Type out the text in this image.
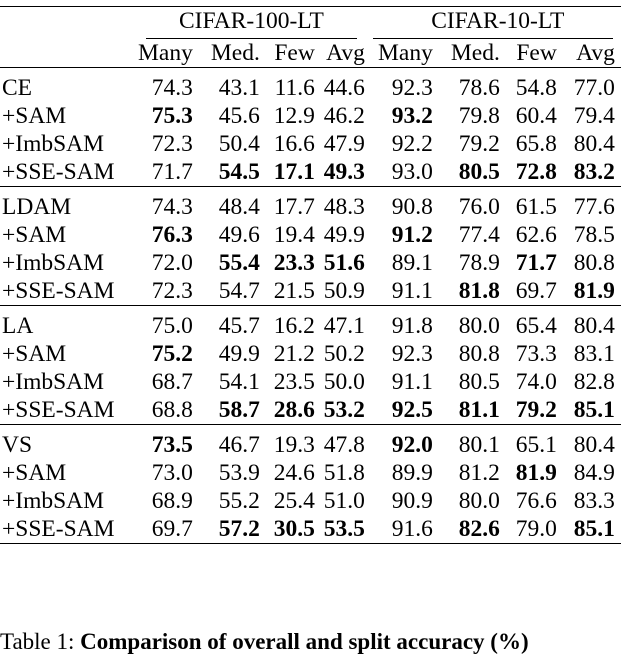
	CIFAR-100-LT				CIFAR-10-LT			
	Many	Med.	Few	Avg	Many	Med.	Few	Avg
CE	74.3	43.1	11.6	44.6	92.3	78.6	54.8	77.0
+SAM	75.3	45.6	12.9	46.2	93.2	79.8	60.4	79.4
+ImbSAM	72.3	50.4	16.6	47.9	92.2	79.2	65.8	80.4
+SSE-SAM	71.7	54.5	17.1	49.3	93.0	80.5	72.8	83.2
LDAM	74.3	48.4	17.7	48.3	90.8	76.0	61.5	77.6
+SAM	76.3	49.6	19.4	49.9	91.2	77.4	62.6	78.5
+ImbSAM	72.0	55.4	23.3	51.6	89.1	78.9	71.7	80.8
+SSE-SAM	72.3	54.7	21.5	50.9	91.1	81.8	69.7	81.9
LA	75.0	45.7	16.2	47.1	91.8	80.0	65.4	80.4
+SAM	75.2	49.9	21.2	50.2	92.3	80.8	73.3	83.1
+ImbSAM	68.7	54.1	23.5	50.0	91.1	80.5	74.0	82.8
+SSE-SAM	68.8	58.7	28.6	53.2	92.5	81.1	79.2	85.1
VS	73.5	46.7	19.3	47.8	92.0	80.1	65.1	80.4
+SAM	73.0	53.9	24.6	51.8	89.9	81.2	81.9	84.9
+ImbSAM	68.9	55.2	25.4	51.0	90.9	80.0	76.6	83.3
+SSE-SAM	69.7	57.2	30.5	53.5	91.6	82.6	79.0	85.1
Table 1: Comparison of overall and split accuracy (%)
